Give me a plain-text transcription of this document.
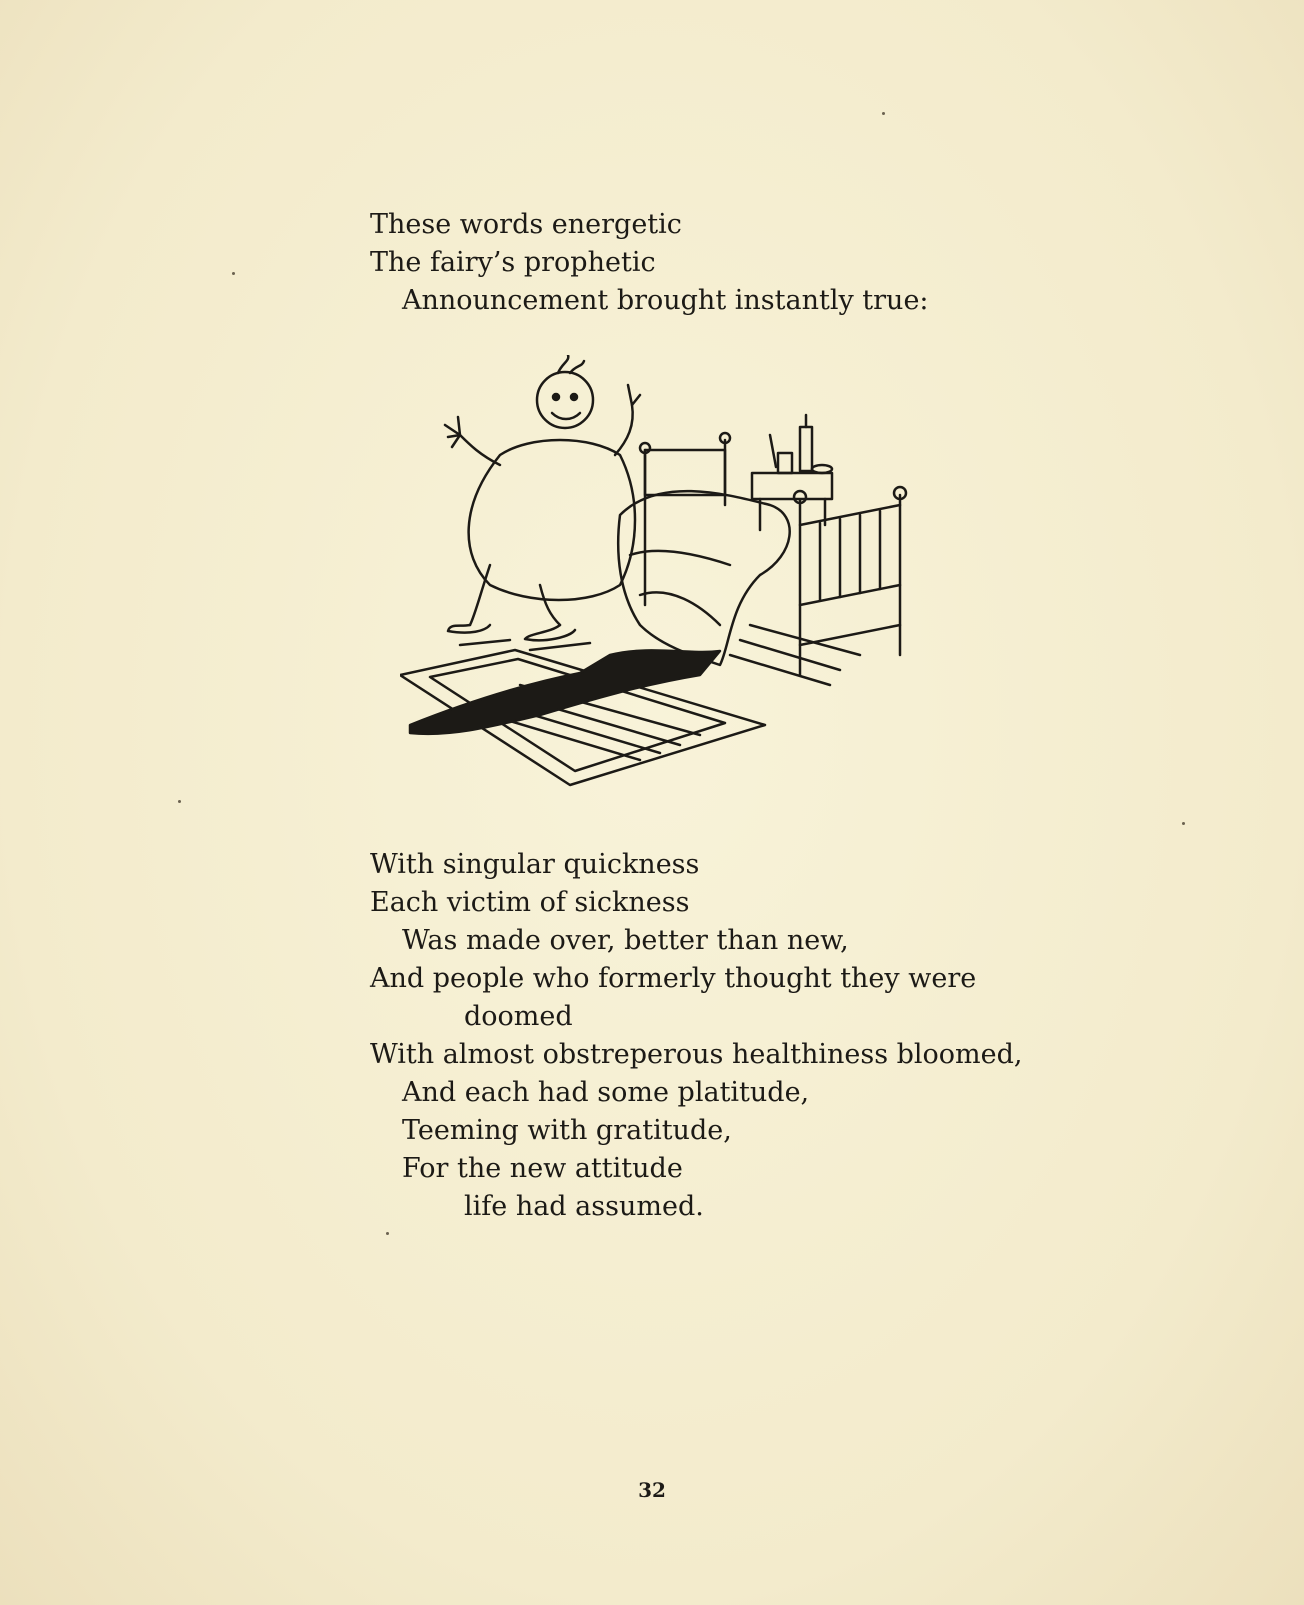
These words energetic
The fairy’s prophetic
Announcement brought instantly true:
With singular quickness
Each victim of sickness
Was made over, better than new,
And people who formerly thought they were
doomed
With almost obstreperous healthiness bloomed,
And each had some platitude,
Teeming with gratitude,
For the new attitude
life had assumed.
32
